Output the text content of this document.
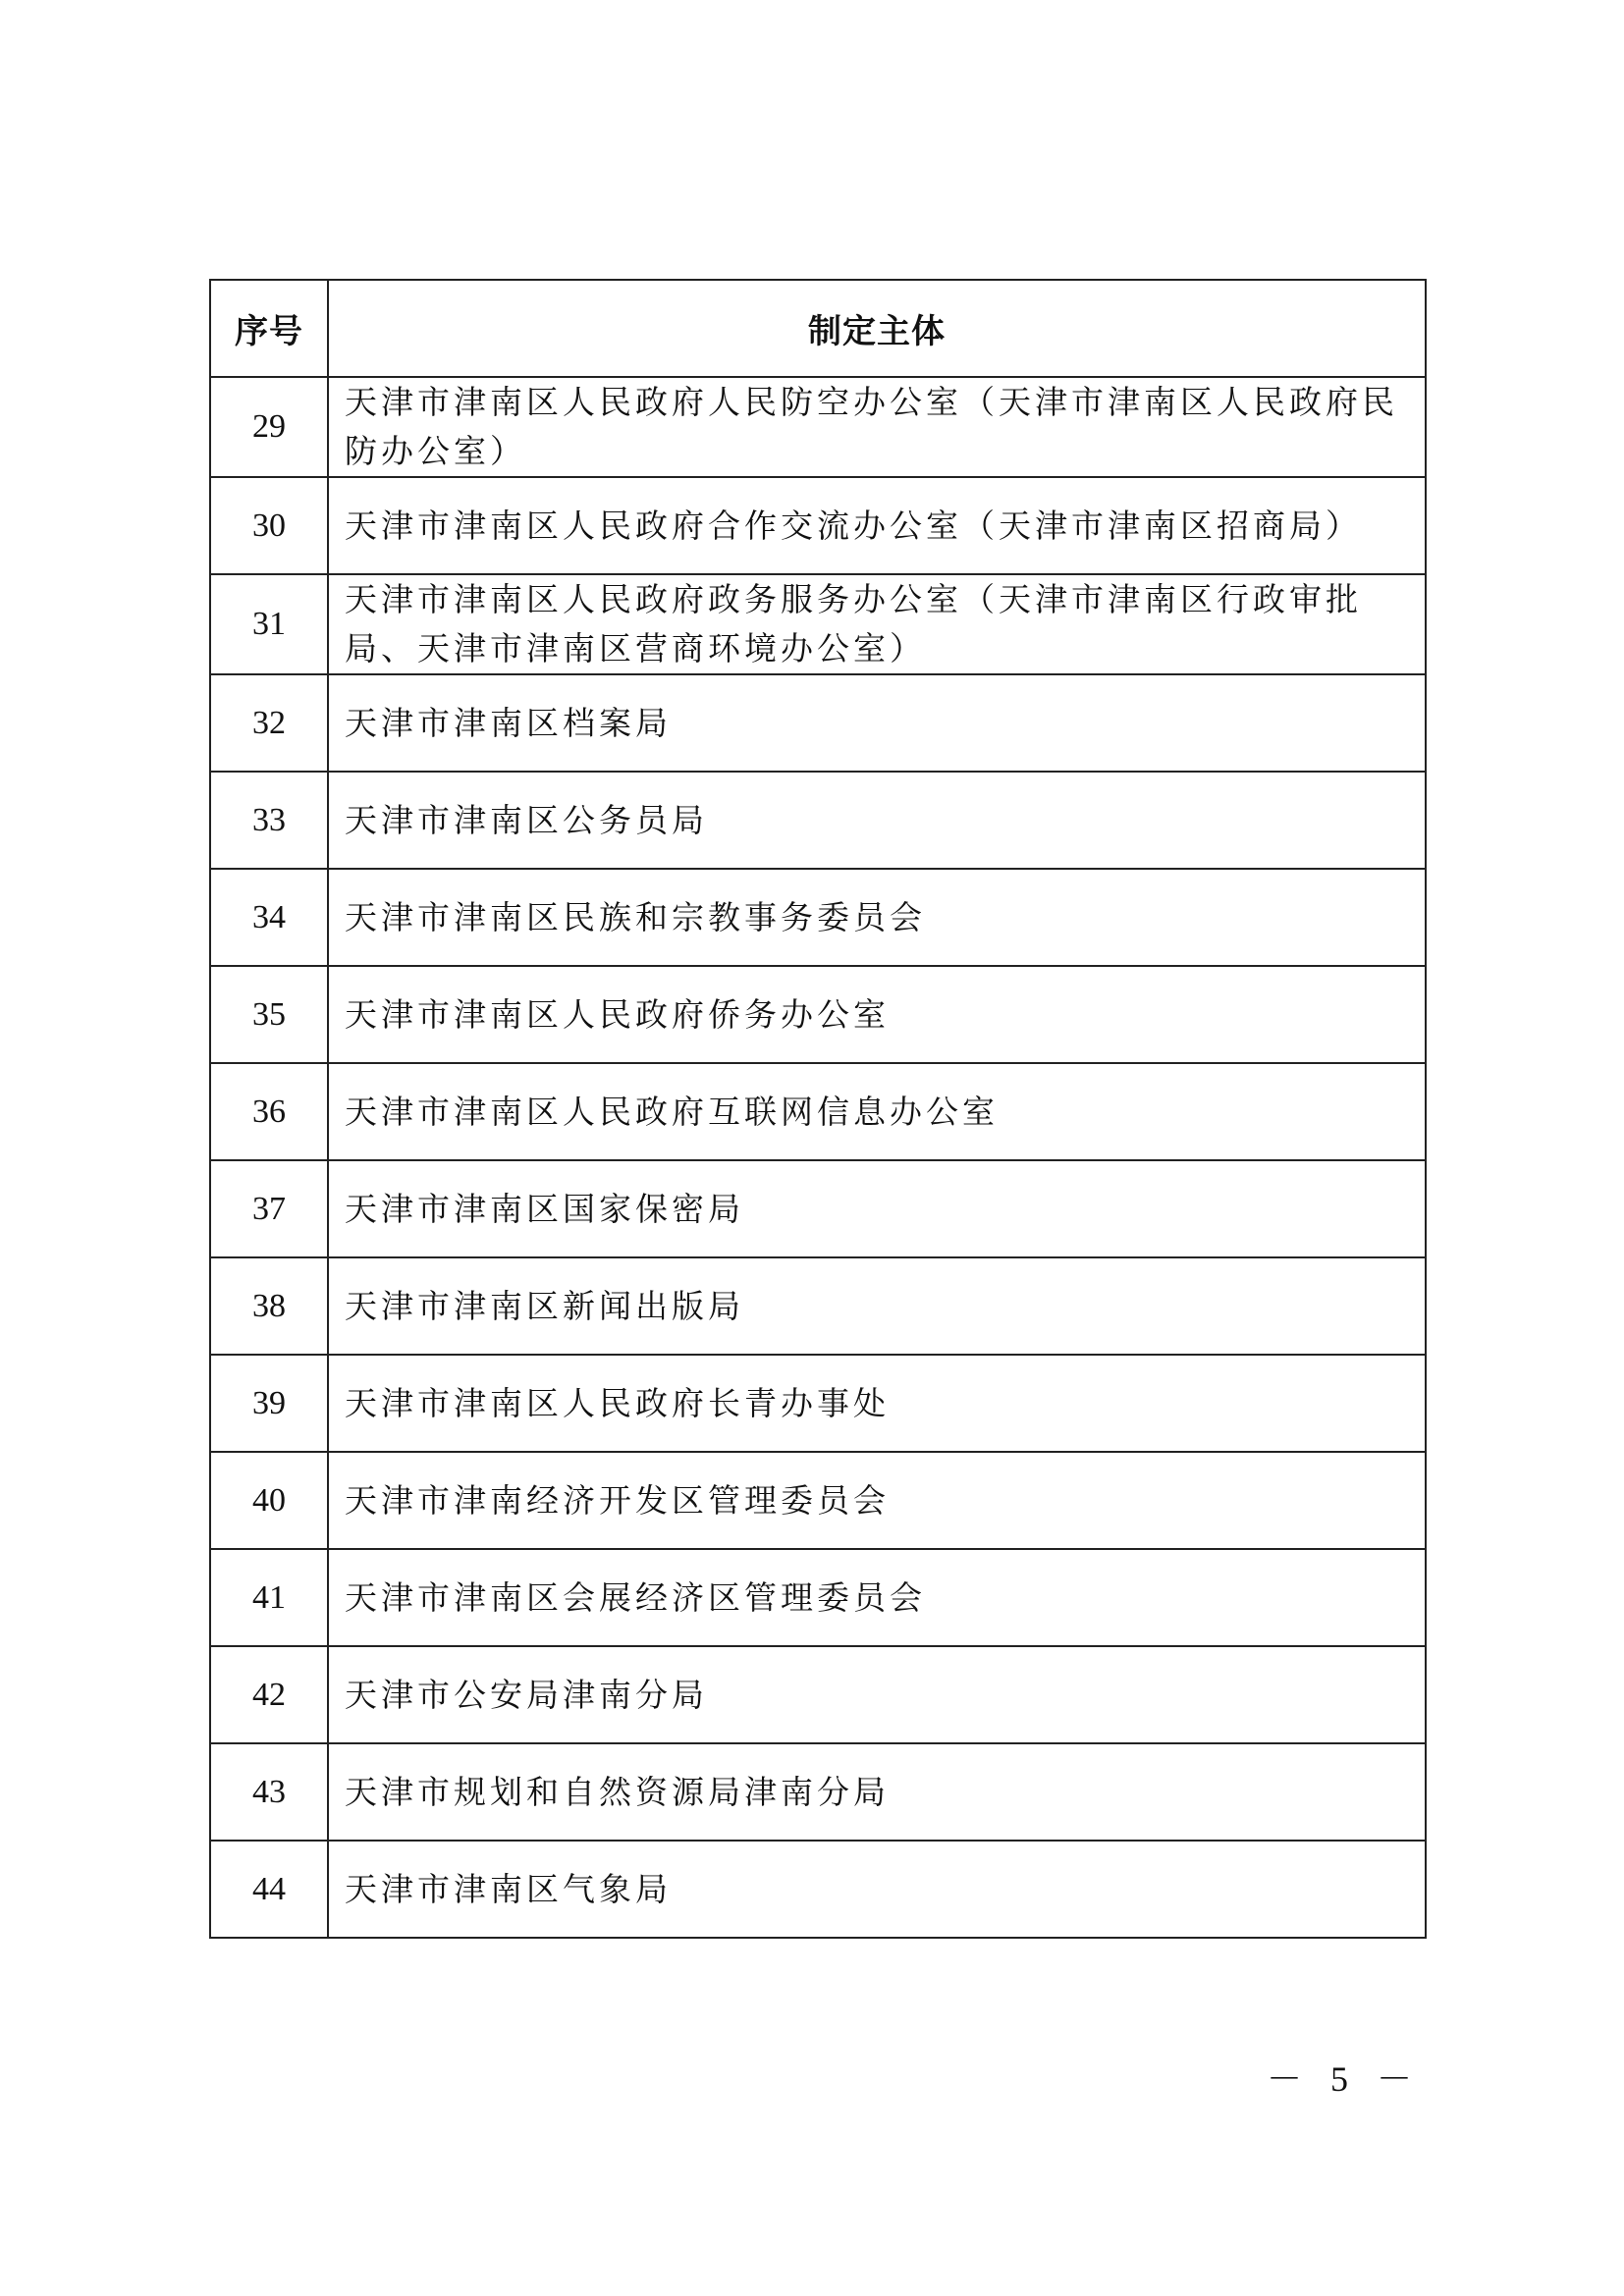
序号	制定主体
29	天津市津南区人民政府人民防空办公室（天津市津南区人民政府民防办公室）
30	天津市津南区人民政府合作交流办公室（天津市津南区招商局）
31	天津市津南区人民政府政务服务办公室（天津市津南区行政审批局、天津市津南区营商环境办公室）
32	天津市津南区档案局
33	天津市津南区公务员局
34	天津市津南区民族和宗教事务委员会
35	天津市津南区人民政府侨务办公室
36	天津市津南区人民政府互联网信息办公室
37	天津市津南区国家保密局
38	天津市津南区新闻出版局
39	天津市津南区人民政府长青办事处
40	天津市津南经济开发区管理委员会
41	天津市津南区会展经济区管理委员会
42	天津市公安局津南分局
43	天津市规划和自然资源局津南分局
44	天津市津南区气象局
－ 5 －
